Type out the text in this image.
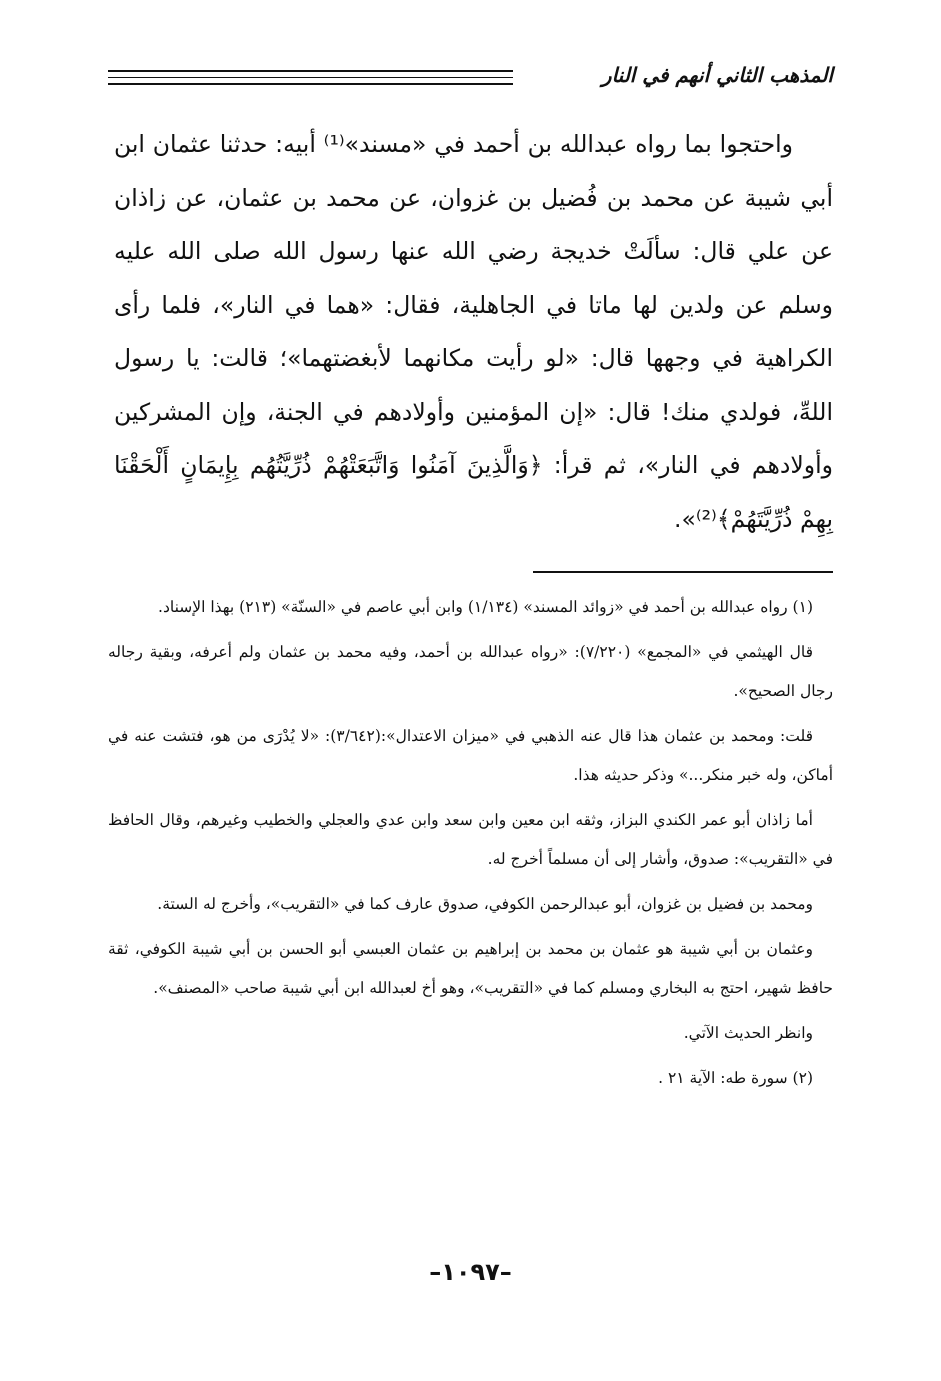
المذهب الثاني أنهم في النار

واحتجوا بما رواه عبدالله بن أحمد في «مسند»⁽¹⁾ أبيه: حدثنا عثمان ابن أبي شيبة عن محمد بن فُضيل بن غزوان، عن محمد بن عثمان، عن زاذان عن علي قال: سألَتْ خديجة رضي الله عنها رسول الله صلى الله عليه وسلم عن ولدين لها ماتا في الجاهلية، فقال: «هما في النار»، فلما رأى الكراهية في وجهها قال: «لو رأيت مكانهما لأبغضتهما»؛ قالت: يا رسول اللهِّ، فولدي منك! قال: «إن المؤمنين وأولادهم في الجنة، وإن المشركين وأولادهم في النار»، ثم قرأ: ﴿وَالَّذِينَ آمَنُوا وَاتَّبَعَتْهُمْ ذُرِّيَّتُهُم بِإِيمَانٍ أَلْحَقْنَا بِهِمْ ذُرِّيَّتَهُمْ﴾⁽²⁾».

(١) رواه عبدالله بن أحمد في «زوائد المسند» (١/١٣٤) وابن أبي عاصم في «السنّة» (٢١٣) بهذا الإسناد.

قال الهيثمي في «المجمع» (٧/٢٢٠): «رواه عبدالله بن أحمد، وفيه محمد بن عثمان ولم أعرفه، وبقية رجاله رجال الصحيح».

قلت: ومحمد بن عثمان هذا قال عنه الذهبي في «ميزان الاعتدال»:(٣/٦٤٢): «لا يُدْرَى من هو، فتشت عنه في أماكن، وله خبر منكر...» وذكر حديثه هذا.

أما زاذان أبو عمر الكندي البزاز، وثقه ابن معين وابن سعد وابن عدي والعجلي والخطيب وغيرهم، وقال الحافظ في «التقريب»: صدوق، وأشار إلى أن مسلماً أخرج له.

ومحمد بن فضيل بن غزوان، أبو عبدالرحمن الكوفي، صدوق عارف كما في «التقريب»، وأخرج له الستة.

وعثمان بن أبي شيبة هو عثمان بن محمد بن إبراهيم بن عثمان العبسي أبو الحسن بن أبي شيبة الكوفي، ثقة حافظ شهير، احتج به البخاري ومسلم كما في «التقريب»، وهو أخ لعبدالله ابن أبي شيبة صاحب «المصنف».

وانظر الحديث الآتي.

(٢) سورة طه: الآية ٢١ .

–١٠٩٧–
